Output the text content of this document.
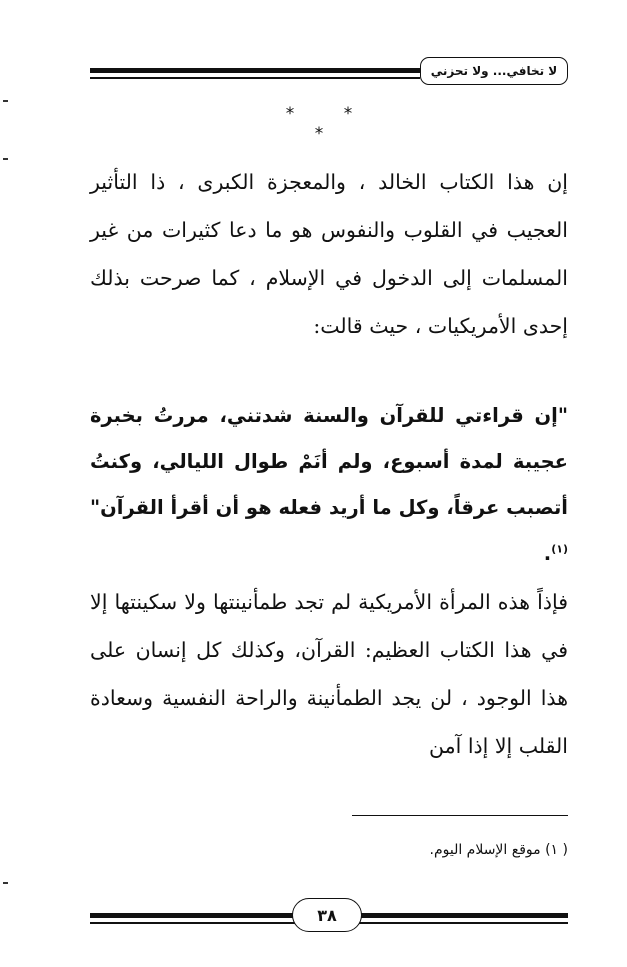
لا تخافي... ولا تحزني
* * *

إن هذا الكتاب الخالد ، والمعجزة الكبرى ، ذا التأثير العجيب في القلوب والنفوس هو ما دعا كثيرات من غير المسلمات إلى الدخول في الإسلام ، كما صرحت بذلك إحدى الأمريكيات ، حيث قالت:

"إن قراءتي للقرآن والسنة شدتني، مررتُ بخبرة عجيبة لمدة أسبوع، ولم أنَمْ طوال الليالي، وكنتُ أتصبب عرقاً، وكل ما أريد فعله هو أن أقرأ القرآن"$^{(١)}$.

فإذاً هذه المرأة الأمريكية لم تجد طمأنينتها ولا سكينتها إلا في هذا الكتاب العظيم: القرآن، وكذلك كل إنسان على هذا الوجود ، لن يجد الطمأنينة والراحة النفسية وسعادة القلب إلا إذا آمن

( ١) موقع الإسلام اليوم.
٣٨
